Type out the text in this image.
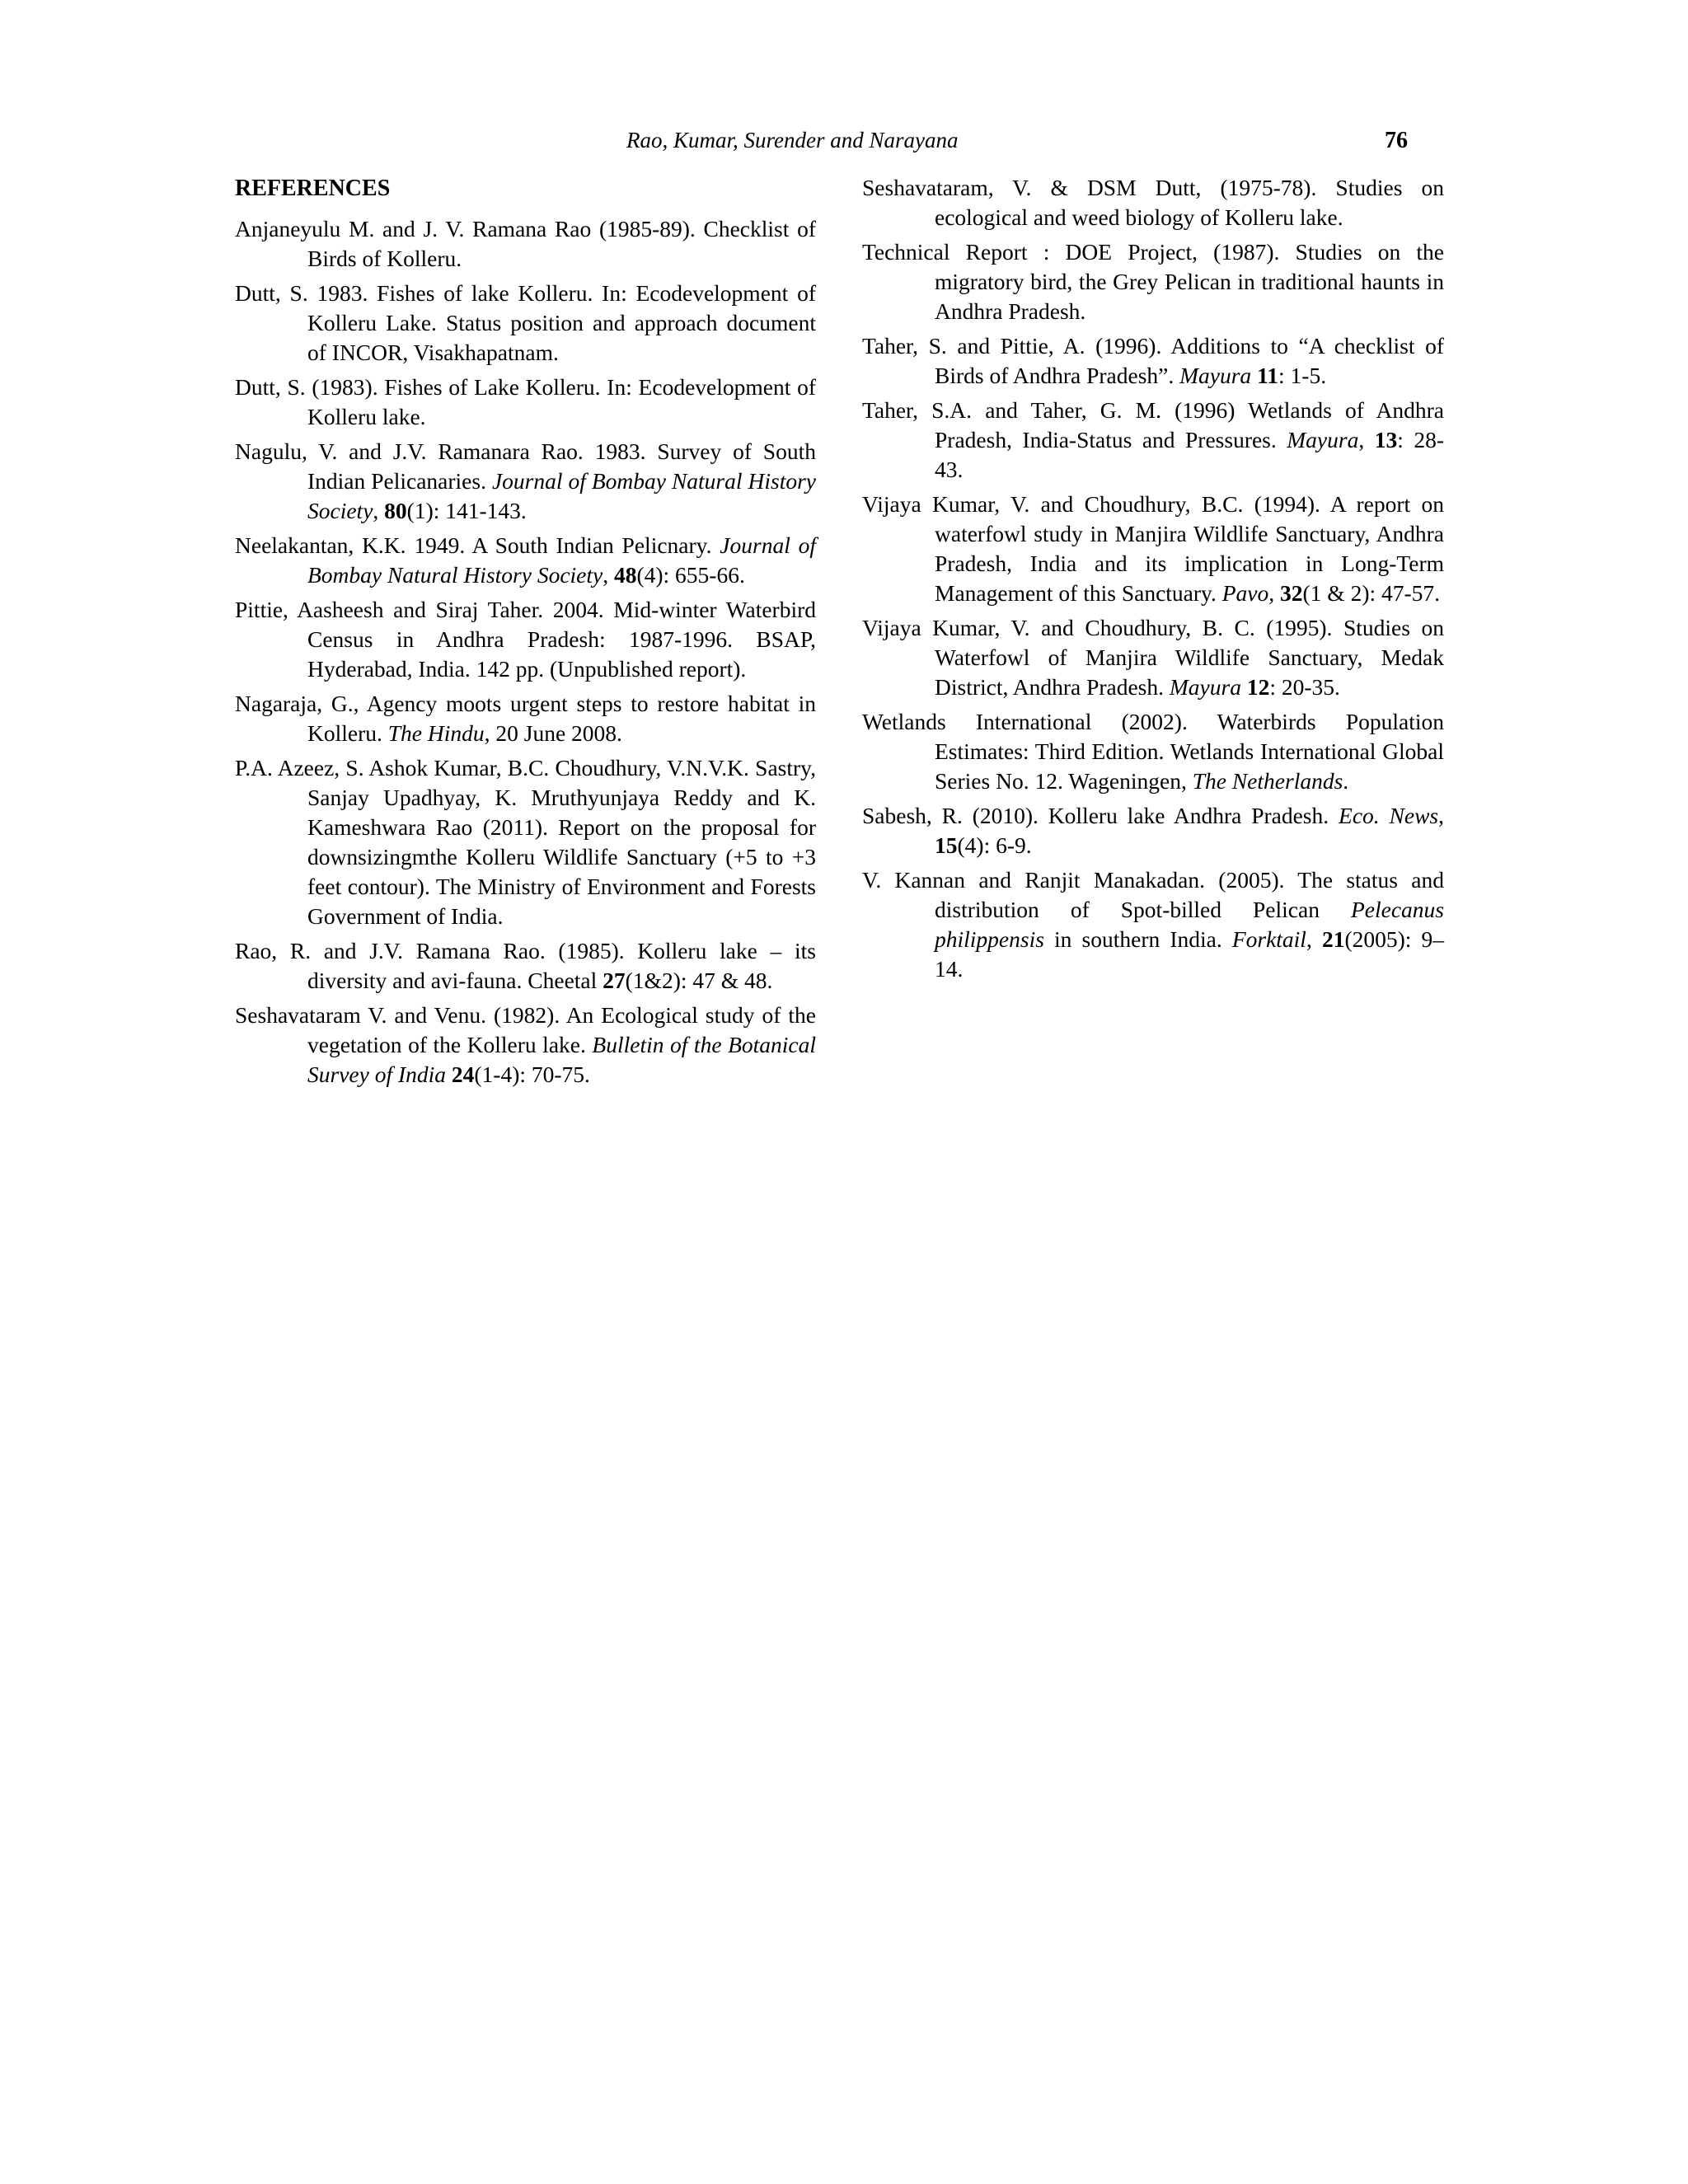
Rao, Kumar, Surender and Narayana	76
REFERENCES

Anjaneyulu M. and J. V. Ramana Rao (1985-89). Checklist of Birds of Kolleru.

Dutt, S. 1983. Fishes of lake Kolleru. In: Ecodevelopment of Kolleru Lake. Status position and approach document of INCOR, Visakhapatnam.

Dutt, S. (1983). Fishes of Lake Kolleru. In: Ecodevelopment of Kolleru lake.

Nagulu, V. and J.V. Ramanara Rao. 1983. Survey of South Indian Pelicanaries. Journal of Bombay Natural History Society, 80(1): 141-143.

Neelakantan, K.K. 1949. A South Indian Pelicnary. Journal of Bombay Natural History Society, 48(4): 655-66.

Pittie, Aasheesh and Siraj Taher. 2004. Mid-winter Waterbird Census in Andhra Pradesh: 1987-1996. BSAP, Hyderabad, India. 142 pp. (Unpublished report).

Nagaraja, G., Agency moots urgent steps to restore habitat in Kolleru. The Hindu, 20 June 2008.

P.A. Azeez, S. Ashok Kumar, B.C. Choudhury, V.N.V.K. Sastry, Sanjay Upadhyay, K. Mruthyunjaya Reddy and K. Kameshwara Rao (2011). Report on the proposal for downsizingmthe Kolleru Wildlife Sanctuary (+5 to +3 feet contour). The Ministry of Environment and Forests Government of India.

Rao, R. and J.V. Ramana Rao. (1985). Kolleru lake – its diversity and avi-fauna. Cheetal 27(1&2): 47 & 48.

Seshavataram V. and Venu. (1982). An Ecological study of the vegetation of the Kolleru lake. Bulletin of the Botanical Survey of India 24(1-4): 70-75.

Seshavataram, V. & DSM Dutt, (1975-78). Studies on ecological and weed biology of Kolleru lake.

Technical Report : DOE Project, (1987). Studies on the migratory bird, the Grey Pelican in traditional haunts in Andhra Pradesh.

Taher, S. and Pittie, A. (1996). Additions to “A checklist of Birds of Andhra Pradesh”. Mayura 11: 1-5.

Taher, S.A. and Taher, G. M. (1996) Wetlands of Andhra Pradesh, India-Status and Pressures. Mayura, 13: 28-43.

Vijaya Kumar, V. and Choudhury, B.C. (1994). A report on waterfowl study in Manjira Wildlife Sanctuary, Andhra Pradesh, India and its implication in Long-Term Management of this Sanctuary. Pavo, 32(1 & 2): 47-57.

Vijaya Kumar, V. and Choudhury, B. C. (1995). Studies on Waterfowl of Manjira Wildlife Sanctuary, Medak District, Andhra Pradesh. Mayura 12: 20-35.

Wetlands International (2002). Waterbirds Population Estimates: Third Edition. Wetlands International Global Series No. 12. Wageningen, The Netherlands.

Sabesh, R. (2010). Kolleru lake Andhra Pradesh. Eco. News, 15(4): 6-9.

V. Kannan and Ranjit Manakadan. (2005). The status and distribution of Spot-billed Pelican Pelecanus philippensis in southern India. Forktail, 21(2005): 9–14.
